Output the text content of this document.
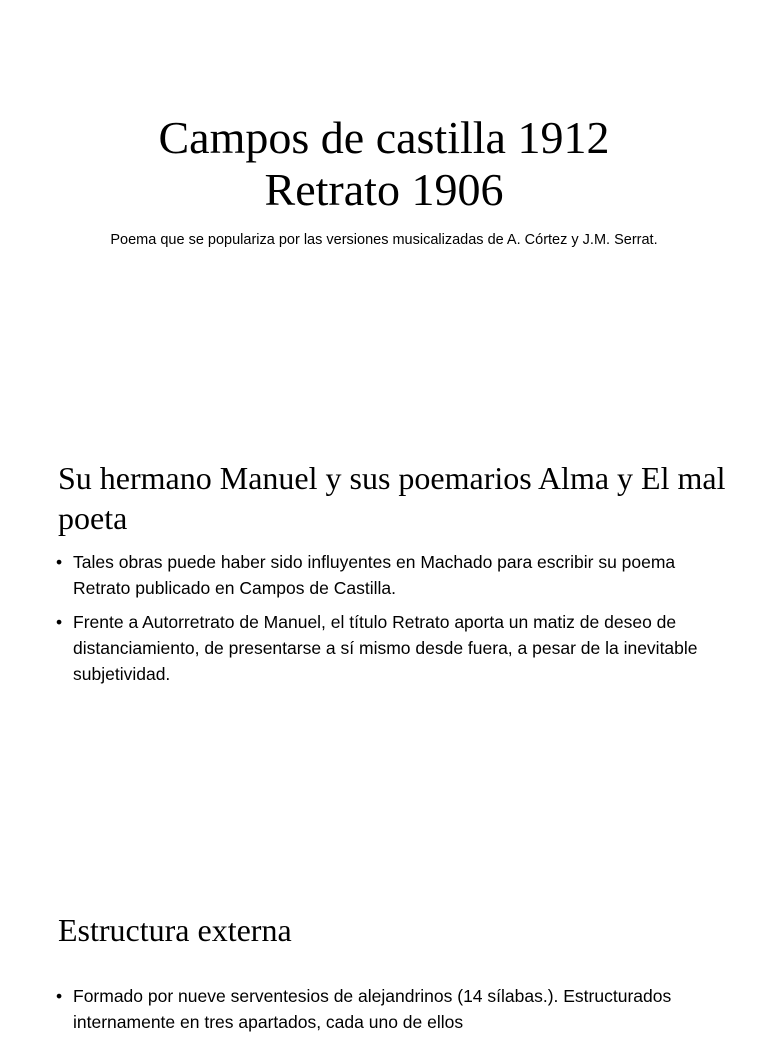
Campos de castilla 1912
Retrato 1906
Poema que se populariza por las versiones musicalizadas de A. Córtez y J.M. Serrat.
Su hermano Manuel y sus poemarios Alma y El mal poeta
• Tales obras puede haber sido influyentes en Machado para escribir su poema Retrato publicado en Campos de Castilla.
• Frente a Autorretrato de Manuel, el título Retrato aporta un matiz de deseo de distanciamiento, de presentarse a sí mismo desde fuera, a pesar de la inevitable subjetividad.
Estructura externa
• Formado por nueve serventesios de alejandrinos (14 sílabas.). Estructurados internamente en tres apartados, cada uno de ellos
